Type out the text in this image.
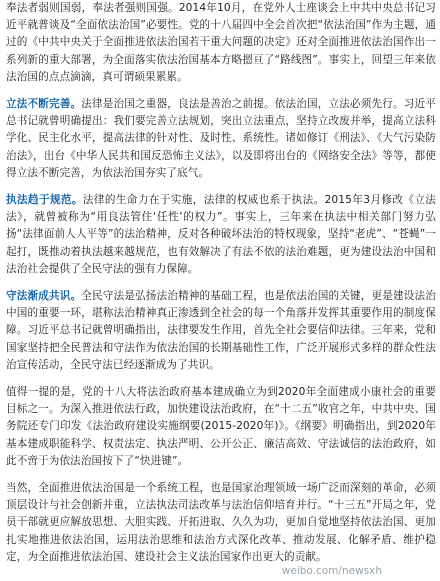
奉法者弱则国弱，奉法者强则国强。2014年10月，在党外人士座谈会上中共中央总书记习近平就普谈及“全面依法治国”必要性。党的十八届四中全会首次把“依法治国”作为主题，通过的《中共中央关于全面推进依法治国若干重大问题的决定》还对全面推进依法治国作出一系列新的重大部署，为全面落实依法治国基本方略摁亘了“路线图”。事实上，回望三年来依法治国的点点滴滴，真可谓硕果累累。

立法不断完善。法律是治国之重器，良法是善治之前提。依法治国，立法必须先行。习近平总书记就曾明确提出：我们要完善立法规划，突出立法重点，坚持立改废并举，提高立法科学化、民主化水平，提高法律的针对性、及时性、系统性。诸如修订《刑法》、《大气污染防治法》，出台《中华人民共和国反恐怖主义法》，以及即将出台的《网络安全法》等等，都使得立法不断完善，为依法治国夯实了底气。

执法趋于规范。法律的生命力在于实施，法律的权威也系于执法。2015年3月修改《立法法》，就曾被称为“用良法管住‘任性’的权力”。事实上，三年来在执法中相关部门努力弘扬“法律面前人人平等”的法治精神，反对各种破坏法治的特权现象，坚持“老虎”、“苍蝇”一起打，既推动着执法越来越规范，也有效解决了有法不依的法治难题，更为建设法治中国和法治社会提供了全民守法的强有力保障。

守法渐成共识。全民守法是弘扬法治精神的基础工程，也是依法治国的关键，更是建设法治中国的重要一环，堪称法治精神真正渗透到全社会的每一个角落并发挥其重要作用的制度保障。习近平总书记就曾明确指出，法律要发生作用，首先全社会要信仰法律。三年来，党和国家坚持把全民普法和守法作为依法治国的长期基础性工作，广泛开展形式多样的群众性法治宣传活动，全民守法已经逐渐成为了共识。

值得一提的是，党的十八大将法治政府基本建成确立为到2020年全面建成小康社会的重要目标之一。为深入推进依法行政，加快建设法治政府，在“十二五”收官之年，中共中央、国务院还专门印发《法治政府建设实施纲要(2015-2020年)》。《纲要》明确指出，到2020年基本建成职能科学、权责法定、执法严明、公开公正、廉洁高效、守法诚信的法治政府，如此不啻于为依法治国按下了“快进键”。

当然，全面推进依法治国是一个系统工程，也是国家治理领域一场广泛而深刻的革命，必须顶层设计与社会创新并重，立法执法司法改革与法治信仰培育并行。“十三五”开局之年，党员干部就更应解放思想、大胆实践、开拓进取、久久为功，更加自觉地坚持依法治国、更加扎实地推进依法治国，运用法治思维和法治方式深化改革、推动发展、化解矛盾、维护稳定，为全面推进依法治国、建设社会主义法治国家作出更大的贡献。

weibo.com/newsxh
